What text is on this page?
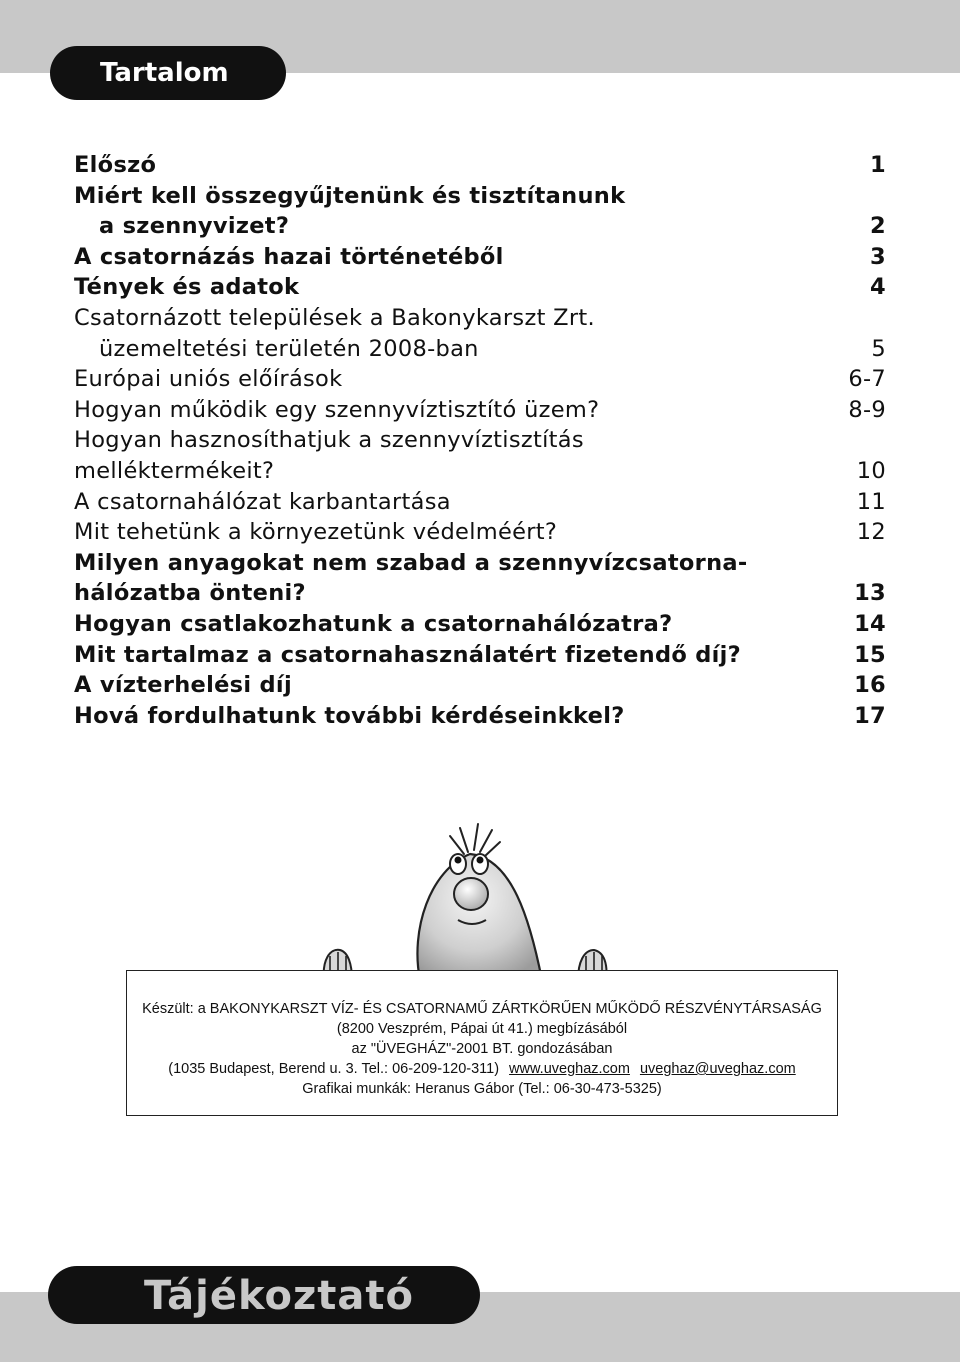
Tartalom
Előszó	1
Miért kell összegyűjtenünk és tisztítanunk
a szennyvizet?	2
A csatornázás hazai történetéből	3
Tények és adatok	4
Csatornázott települések a Bakonykarszt Zrt.
üzemeltetési területén 2008-ban	5
Európai uniós előírások	6-7
Hogyan működik egy szennyvíztisztító üzem?	8-9
Hogyan hasznosíthatjuk a szennyvíztisztítás
melléktermékeit?	10
A csatornahálózat karbantartása	11
Mit tehetünk a környezetünk védelméért?	12
Milyen anyagokat nem szabad a szennyvízcsatorna-
hálózatba önteni?	13
Hogyan csatlakozhatunk a csatornahálózatra?	14
Mit tartalmaz a csatornahasználatért fizetendő díj?	15
A vízterhelési díj	16
Hová fordulhatunk további kérdéseinkkel?	17
Készült: a BAKONYKARSZT VÍZ- ÉS CSATORNAMŰ ZÁRTKÖRŰEN MŰKÖDŐ RÉSZVÉNYTÁRSASÁG
(8200 Veszprém, Pápai út 41.) megbízásából
az "ÜVEGHÁZ"-2001 BT. gondozásában
(1035 Budapest, Berend u. 3. Tel.: 06-209-120-311) www.uveghaz.com uveghaz@uveghaz.com
Grafikai munkák: Heranus Gábor (Tel.: 06-30-473-5325)
Tájékoztató
